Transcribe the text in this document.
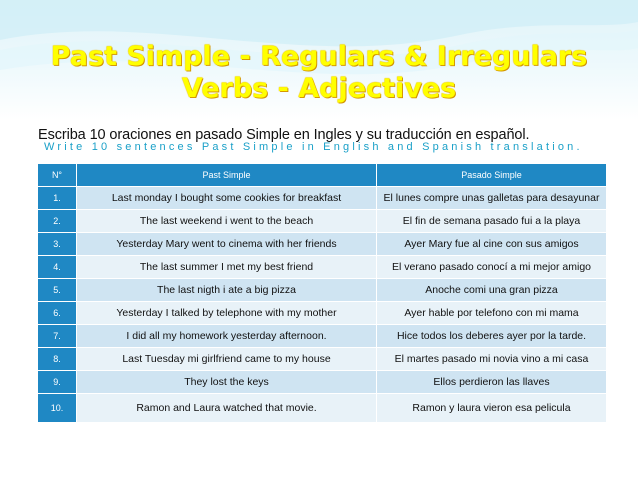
Past Simple - Regulars & Irregulars
Verbs - Adjectives
Escriba 10 oraciones en pasado Simple en Ingles y su traducción en español.
Write 10 sentences Past Simple in English and Spanish translation.
N°	Past Simple	Pasado Simple
1.	Last monday I bought some cookies for breakfast	El lunes compre unas galletas para desayunar
2.	The last weekend i went to the beach	El fin de semana pasado fui a la playa
3.	Yesterday Mary went to cinema with her friends	Ayer Mary fue al cine con sus amigos
4.	The last summer I met my best friend	El verano pasado conocí a mi mejor amigo
5.	The last nigth i ate a big pizza	Anoche comi una gran pizza
6.	Yesterday I talked by telephone with my mother	Ayer hable por telefono con mi mama
7.	I did all my homework yesterday afternoon.	Hice todos los deberes ayer por la tarde.
8.	Last Tuesday mi girlfriend came to my house	El martes pasado mi novia vino a mi casa
9.	They lost the keys	Ellos perdieron las llaves
10.	Ramon and Laura watched that movie.	Ramon y laura vieron esa pelicula
